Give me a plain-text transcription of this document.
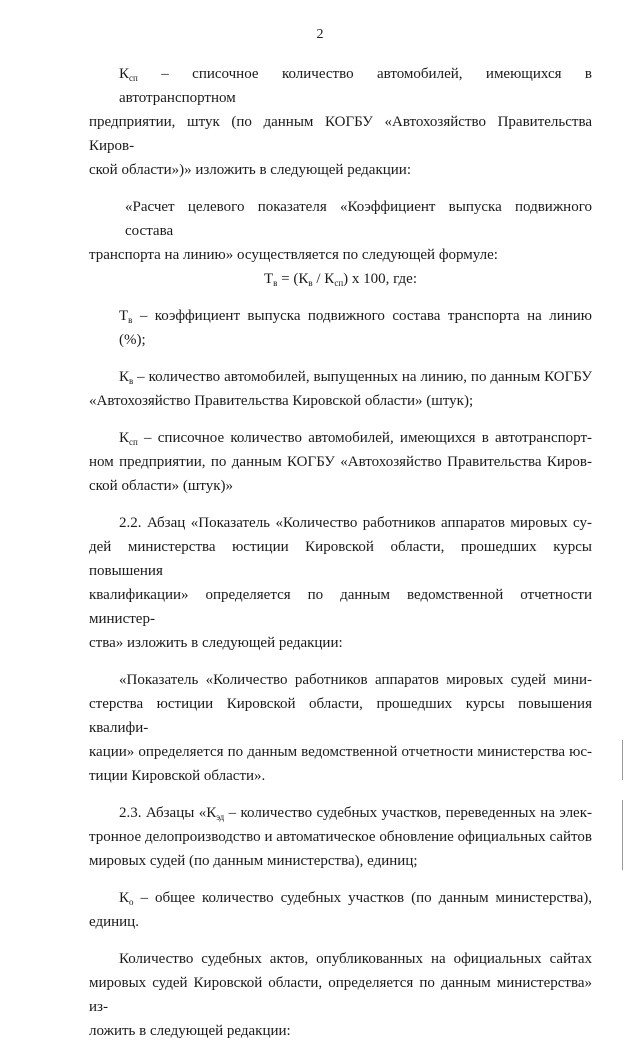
2
$К_{сп}$ – списочное количество автомобилей, имеющихся в автотранспортном
предприятии, штук (по данным КОГБУ «Автохозяйство Правительства Киров-
ской области»)» изложить в следующей редакции:
«Расчет целевого показателя «Коэффициент выпуска подвижного состава
транспорта на линию» осуществляется по следующей формуле:
$Т_в = (К_в / К_{сп})$ х 100, где:
$Т_в$ – коэффициент выпуска подвижного состава транспорта на линию (%);
$К_в$ – количество автомобилей, выпущенных на линию, по данным КОГБУ
«Автохозяйство Правительства Кировской области» (штук);
$К_{сп}$ – списочное количество автомобилей, имеющихся в автотранспорт-
ном предприятии, по данным КОГБУ «Автохозяйство Правительства Киров-
ской области» (штук)»
2.2. Абзац «Показатель «Количество работников аппаратов мировых су-
дей министерства юстиции Кировской области, прошедших курсы повышения
квалификации» определяется по данным ведомственной отчетности министер-
ства» изложить в следующей редакции:
«Показатель «Количество работников аппаратов мировых судей мини-
стерства юстиции Кировской области, прошедших курсы повышения квалифи-
кации» определяется по данным ведомственной отчетности министерства юс-
тиции Кировской области».
2.3. Абзацы «$К_{эд}$ – количество судебных участков, переведенных на элек-
тронное делопроизводство и автоматическое обновление официальных сайтов
мировых судей (по данным министерства), единиц;
$К_о$ – общее количество судебных участков (по данным министерства),
единиц.
Количество судебных актов, опубликованных на официальных сайтах
мировых судей Кировской области, определяется по данным министерства» из-
ложить в следующей редакции:
